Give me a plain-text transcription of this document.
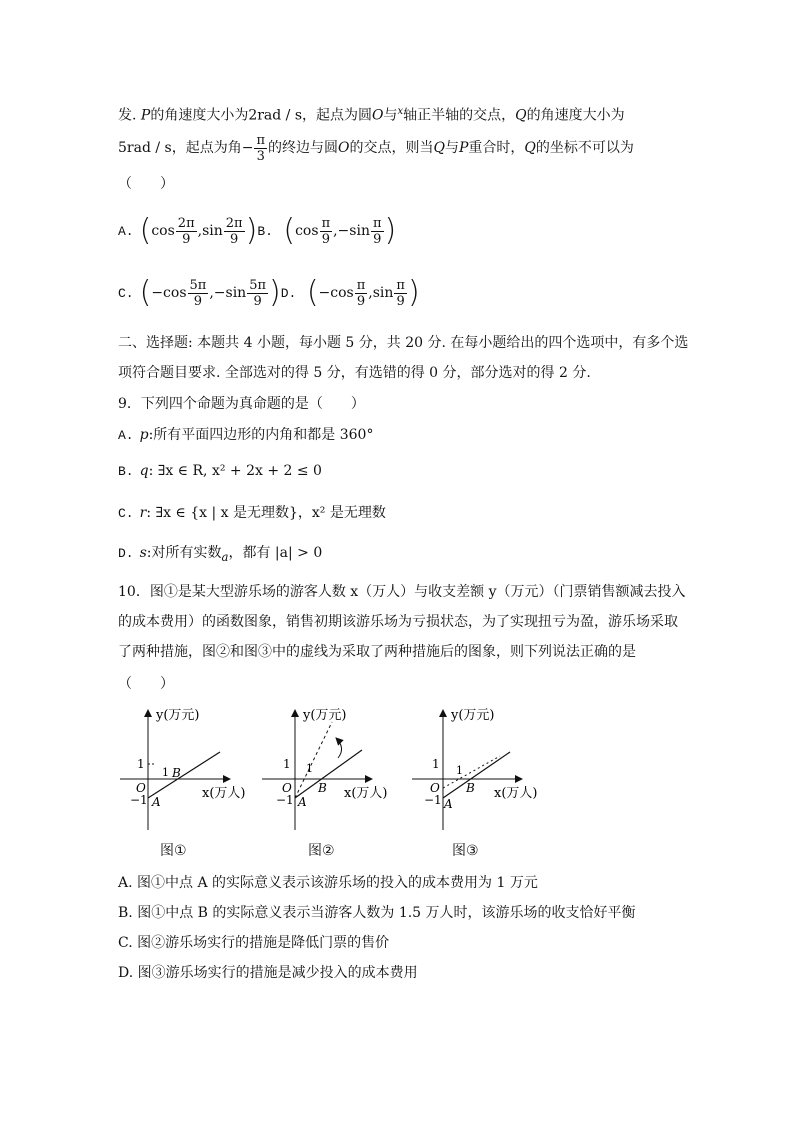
发. P的角速度大小为2rad / s，起点为圆O与$^x$轴正半轴的交点，Q的角速度大小为
5rad / s，起点为角− $\frac{\pi}{3}$ 的终边与圆O的交点，则当Q与P重合时，Q的坐标不可以为
（　　）
A. $(\cos \frac{2\pi}{9} ,\sin \frac{2\pi}{9} )B$. ($\cos \frac{\pi}{9} ,-\sin \frac{\pi}{9}$ )
C. $(-\cos \frac{5\pi}{9} ,-\sin \frac{5\pi}{9} )D$. ($-\cos \frac{\pi}{9} ,\sin \frac{\pi}{9}$ )
二、选择题: 本题共 4 小题，每小题 5 分，共 20 分. 在每小题给出的四个选项中，有多个选
项符合题目要求. 全部选对的得 5 分，有选错的得 0 分，部分选对的得 2 分.
9．下列四个命题为真命题的是（　　）
A. p:所有平面四边形的内角和都是 360°
B. q: ∃x ∈ R, x² + 2x + 2 ≤ 0
C. r: ∃x ∈ {x | x 是无理数}，x² 是无理数
D. s:对所有实数$_a$，都有 |a| > 0
10．图①是某大型游乐场的游客人数 x（万人）与收支差额 y（万元）（门票销售额减去投入
的成本费用）的函数图象，销售初期该游乐场为亏损状态，为了实现扭亏为盈，游乐场采取
了两种措施，图②和图③中的虚线为采取了两种措施后的图象，则下列说法正确的是
（　　）
y(万元)
x(万人)
1
1
O
−1 A
B
y(万元)
x(万人)
1 1
O
−1 A
B
y(万元)
x(万人)
1 1
O
−1 A
B
图①	图②	图③
A. 图①中点 A 的实际意义表示该游乐场的投入的成本费用为 1 万元
B. 图①中点 B 的实际意义表示当游客人数为 1.5 万人时，该游乐场的收支恰好平衡
C. 图②游乐场实行的措施是降低门票的售价
D. 图③游乐场实行的措施是减少投入的成本费用
